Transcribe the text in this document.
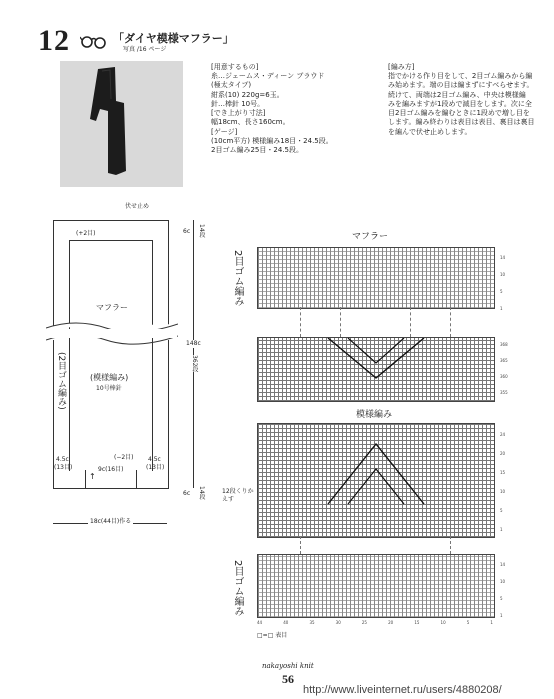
12	「ダイヤ模様マフラー」
写真 /16 ページ
[用意するもの]
糸…ジェームス・ディーン ブラウド
(極太タイプ)
紺系(10) 220g=6玉。
針…棒針 10号。
[でき上がり寸法]
幅18cm、長さ160cm。
[ゲージ]
(10cm平方) 模様編み18目・24.5段。
2目ゴム編み25目・24.5段。
[編み方]
指でかける作り目をして、2目ゴム編みから編
み始めます。端の目は編まずにすべらせます。
続けて、両端は2目ゴム編み、中央は模様編
みを編みますが1段めで減目をします。次に全
目2目ゴム編みを編むときに1段めで増し目を
します。編み終わりは表目は表目、裏目は裏目
を編んで伏せ止めします。
↑
伏せ止め
(+2目)
マフラー
(2目ゴム編み)	(模様編み)
10号棒針
(−2目)
4.5c
(13目)
4.5c
(13目)
9c(16目)
18c(44目)作る
6c 14段
148c
362段
6c 14段
マフラー
2目ゴム編み
模様編み
12段くりかえす
2目ゴム編み
14
10
5
1
368
365
360
355
24
20
15
10
5
1
14
10
5
1
44	40	35	30	25	20	15	10	5	1
□=□ 表目
nakayoshi knit
56
http://www.liveinternet.ru/users/4880208/
